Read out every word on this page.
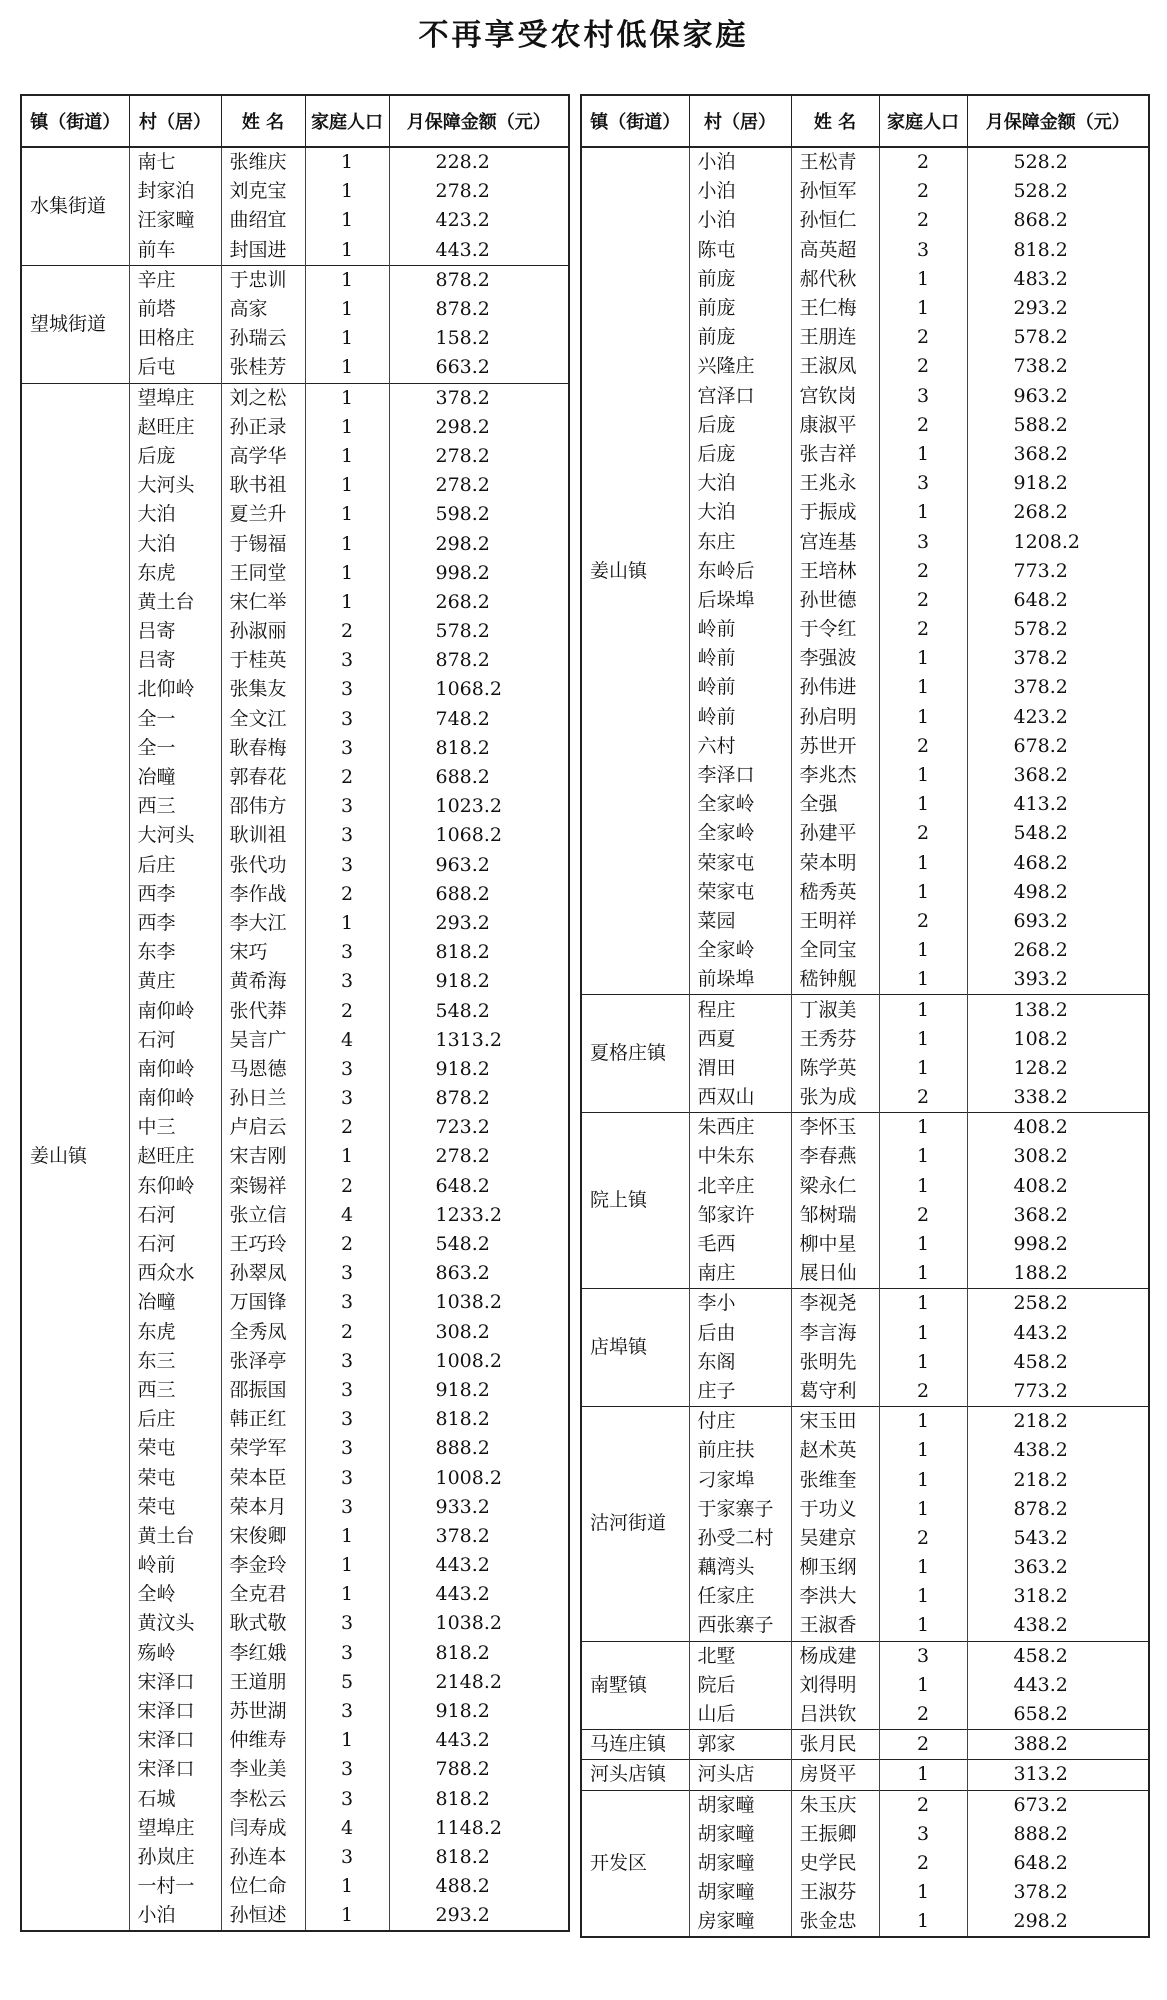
不再享受农村低保家庭
镇（街道）	村（居）	姓 名	家庭人口	月保障金额（元）
水集街道	南七	张维庆	1	228.2
	封家泊	刘克宝	1	278.2
	汪家疃	曲绍宜	1	423.2
	前车	封国进	1	443.2
望城街道	辛庄	于忠训	1	878.2
	前塔	高家	1	878.2
	田格庄	孙瑞云	1	158.2
	后屯	张桂芳	1	663.2
姜山镇	望埠庄	刘之松	1	378.2
	赵旺庄	孙正录	1	298.2
	后庞	高学华	1	278.2
	大河头	耿书祖	1	278.2
	大泊	夏兰升	1	598.2
	大泊	于锡福	1	298.2
	东虎	王同堂	1	998.2
	黄土台	宋仁举	1	268.2
	吕寄	孙淑丽	2	578.2
	吕寄	于桂英	3	878.2
	北仰岭	张集友	3	1068.2
	全一	全文江	3	748.2
	全一	耿春梅	3	818.2
	冶疃	郭春花	2	688.2
	西三	邵伟方	3	1023.2
	大河头	耿训祖	3	1068.2
	后庄	张代功	3	963.2
	西李	李作战	2	688.2
	西李	李大江	1	293.2
	东李	宋巧	3	818.2
	黄庄	黄希海	3	918.2
	南仰岭	张代莽	2	548.2
	石河	吴言广	4	1313.2
	南仰岭	马恩德	3	918.2
	南仰岭	孙日兰	3	878.2
	中三	卢启云	2	723.2
	赵旺庄	宋吉刚	1	278.2
	东仰岭	栾锡祥	2	648.2
	石河	张立信	4	1233.2
	石河	王巧玲	2	548.2
	西众水	孙翠凤	3	863.2
	冶疃	万国锋	3	1038.2
	东虎	全秀凤	2	308.2
	东三	张泽亭	3	1008.2
	西三	邵振国	3	918.2
	后庄	韩正红	3	818.2
	荣屯	荣学军	3	888.2
	荣屯	荣本臣	3	1008.2
	荣屯	荣本月	3	933.2
	黄土台	宋俊卿	1	378.2
	岭前	李金玲	1	443.2
	全岭	全克君	1	443.2
	黄汶头	耿式敬	3	1038.2
	殇岭	李红娥	3	818.2
	宋泽口	王道朋	5	2148.2
	宋泽口	苏世湖	3	918.2
	宋泽口	仲维寿	1	443.2
	宋泽口	李业美	3	788.2
	石城	李松云	3	818.2
	望埠庄	闫寿成	4	1148.2
	孙岚庄	孙连本	3	818.2
	一村一	位仁命	1	488.2
	小泊	孙恒述	1	293.2
镇（街道）	村（居）	姓 名	家庭人口	月保障金额（元）
姜山镇	小泊	王松青	2	528.2
	小泊	孙恒军	2	528.2
	小泊	孙恒仁	2	868.2
	陈屯	高英超	3	818.2
	前庞	郝代秋	1	483.2
	前庞	王仁梅	1	293.2
	前庞	王朋连	2	578.2
	兴隆庄	王淑凤	2	738.2
	宫泽口	宫钦岗	3	963.2
	后庞	康淑平	2	588.2
	后庞	张吉祥	1	368.2
	大泊	王兆永	3	918.2
	大泊	于振成	1	268.2
	东庄	宫连基	3	1208.2
	东岭后	王培林	2	773.2
	后垛埠	孙世德	2	648.2
	岭前	于令红	2	578.2
	岭前	李强波	1	378.2
	岭前	孙伟进	1	378.2
	岭前	孙启明	1	423.2
	六村	苏世开	2	678.2
	李泽口	李兆杰	1	368.2
	全家岭	全强	1	413.2
	全家岭	孙建平	2	548.2
	荣家屯	荣本明	1	468.2
	荣家屯	嵇秀英	1	498.2
	菜园	王明祥	2	693.2
	全家岭	全同宝	1	268.2
	前垛埠	嵇钟舰	1	393.2
夏格庄镇	程庄	丁淑美	1	138.2
	西夏	王秀芬	1	108.2
	渭田	陈学英	1	128.2
	西双山	张为成	2	338.2
院上镇	朱西庄	李怀玉	1	408.2
	中朱东	李春燕	1	308.2
	北辛庄	梁永仁	1	408.2
	邹家许	邹树瑞	2	368.2
	毛西	柳中星	1	998.2
	南庄	展日仙	1	188.2
店埠镇	李小	李视尧	1	258.2
	后由	李言海	1	443.2
	东阁	张明先	1	458.2
	庄子	葛守利	2	773.2
沽河街道	付庄	宋玉田	1	218.2
	前庄扶	赵术英	1	438.2
	刁家埠	张维奎	1	218.2
	于家寨子	于功义	1	878.2
	孙受二村	吴建京	2	543.2
	藕湾头	柳玉纲	1	363.2
	任家庄	李洪大	1	318.2
	西张寨子	王淑香	1	438.2
南墅镇	北墅	杨成建	3	458.2
	院后	刘得明	1	443.2
	山后	吕洪钦	2	658.2
马连庄镇	郭家	张月民	2	388.2
河头店镇	河头店	房贤平	1	313.2
开发区	胡家疃	朱玉庆	2	673.2
	胡家疃	王振卿	3	888.2
	胡家疃	史学民	2	648.2
	胡家疃	王淑芬	1	378.2
	房家疃	张金忠	1	298.2
